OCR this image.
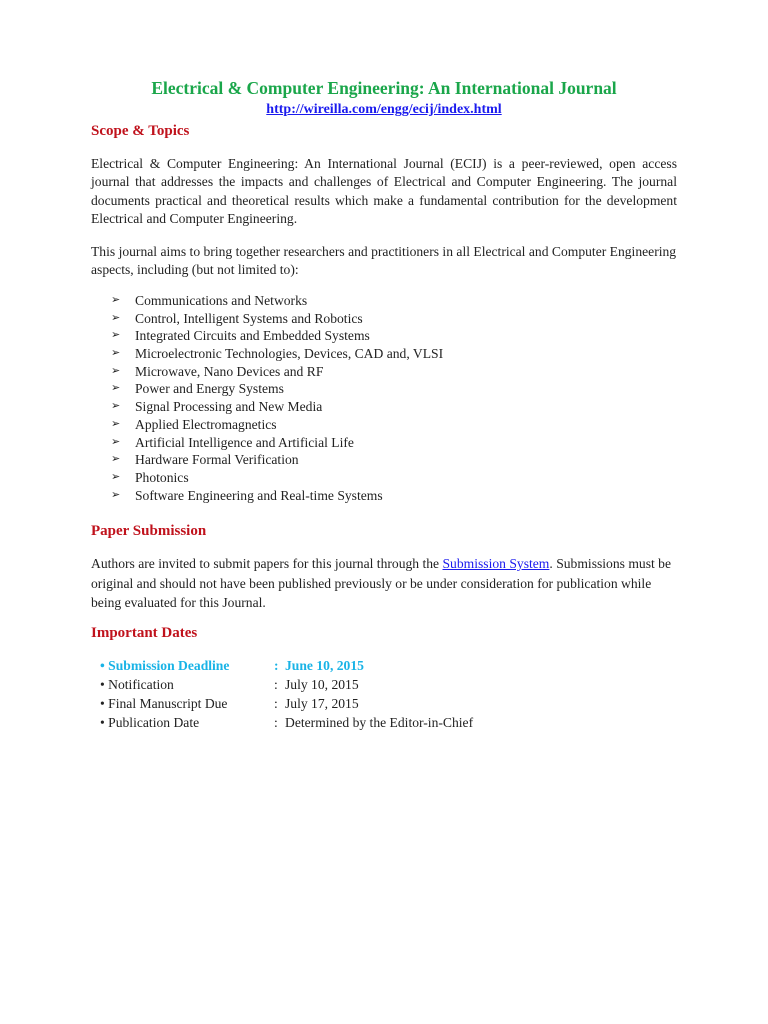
Electrical & Computer Engineering: An International Journal
http://wireilla.com/engg/ecij/index.html
Scope & Topics

Electrical & Computer Engineering: An International Journal (ECIJ) is a peer-reviewed, open access journal that addresses the impacts and challenges of Electrical and Computer Engineering. The journal documents practical and theoretical results which make a fundamental contribution for the development Electrical and Computer Engineering.

This journal aims to bring together researchers and practitioners in all Electrical and Computer Engineering aspects, including (but not limited to):

➢ Communications and Networks
➢ Control, Intelligent Systems and Robotics
➢ Integrated Circuits and Embedded Systems
➢ Microelectronic Technologies, Devices, CAD and, VLSI
➢ Microwave, Nano Devices and RF
➢ Power and Energy Systems
➢ Signal Processing and New Media
➢ Applied Electromagnetics
➢ Artificial Intelligence and Artificial Life
➢ Hardware Formal Verification
➢ Photonics
➢ Software Engineering and Real-time Systems
Paper Submission

Authors are invited to submit papers for this journal through the Submission System. Submissions must be original and should not have been published previously or be under consideration for publication while being evaluated for this Journal.

Important Dates
• Submission Deadline	: June 10, 2015
• Notification	: July 10, 2015
• Final Manuscript Due	: July 17, 2015
• Publication Date	: Determined by the Editor-in-Chief
